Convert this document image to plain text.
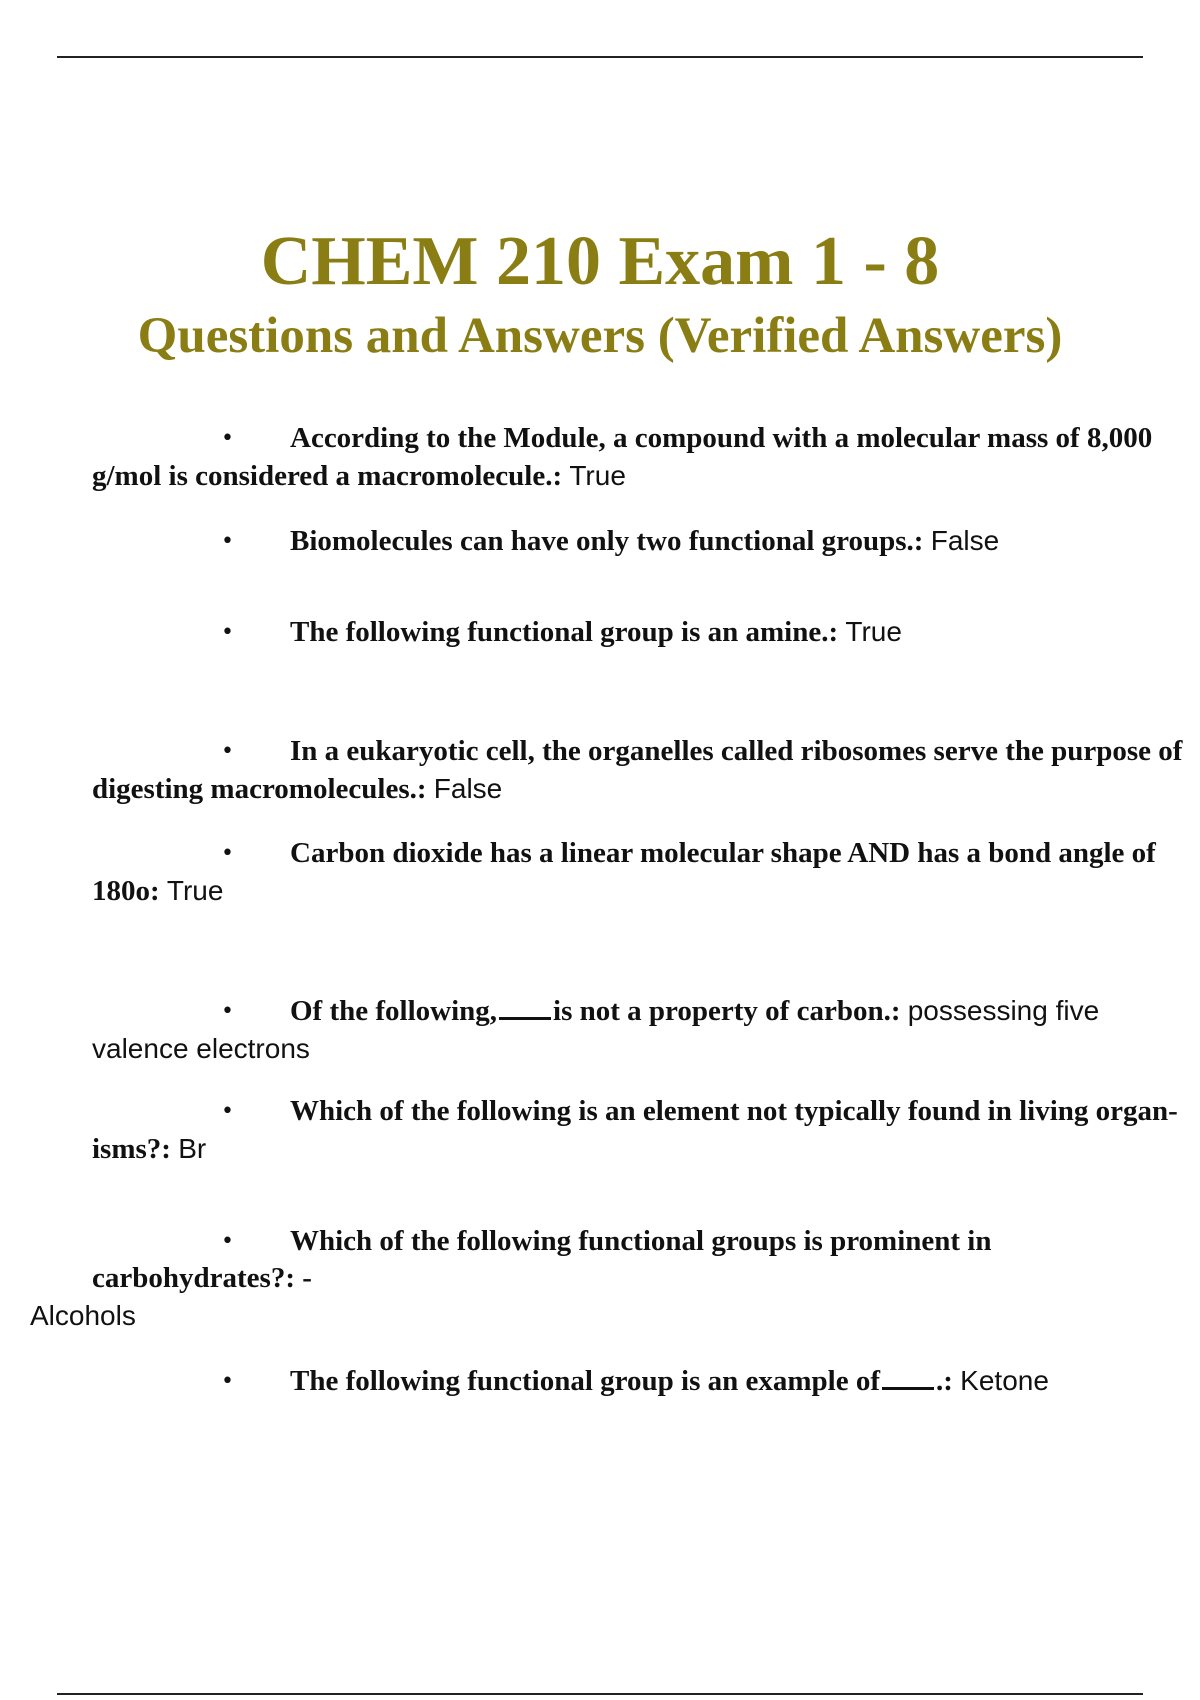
CHEM 210 Exam 1 - 8
Questions and Answers (Verified Answers)

• According to the Module, a compound with a molecular mass of 8,000 g/mol is considered a macromolecule.: True

• Biomolecules can have only two functional groups.: False

• The following functional group is an amine.: True

• In a eukaryotic cell, the organelles called ribosomes serve the purpose of digesting macromolecules.: False

• Carbon dioxide has a linear molecular shape AND has a bond angle of 180o: True

• Of the following, is not a property of carbon.: possessing five valence electrons

• Which of the following is an element not typically found in living organ- isms?: Br

• Which of the following functional groups is prominent in carbohydrates?: -

Alcohols

• The following functional group is an example of .: Ketone
